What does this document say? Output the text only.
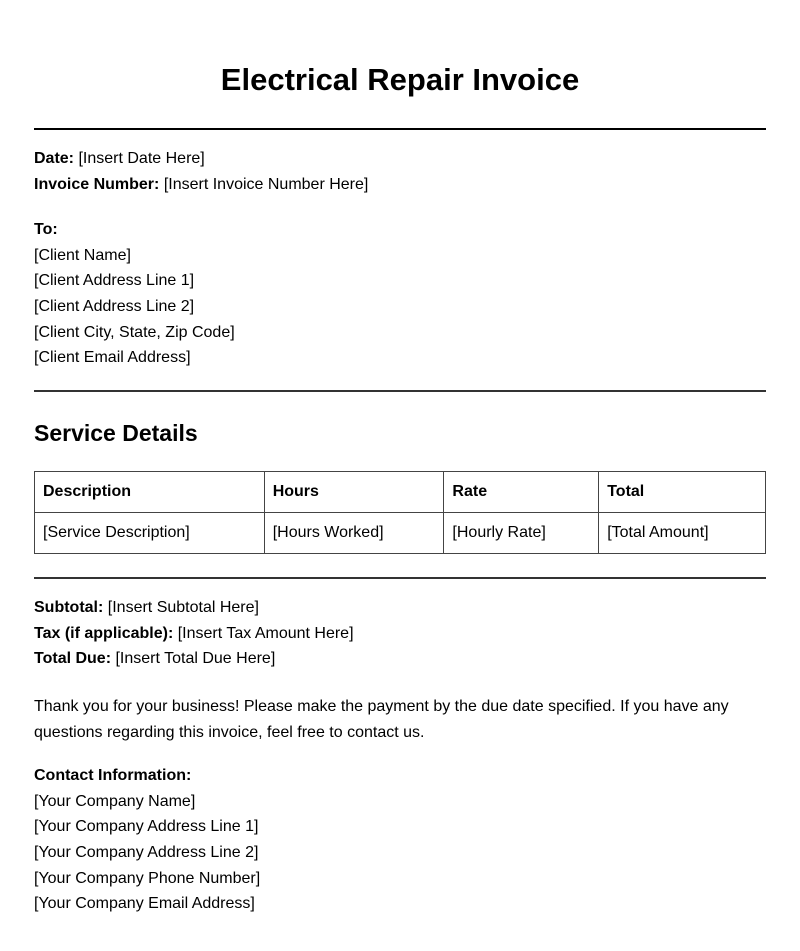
Electrical Repair Invoice
Date: [Insert Date Here]
Invoice Number: [Insert Invoice Number Here]
To:
[Client Name]
[Client Address Line 1]
[Client Address Line 2]
[Client City, State, Zip Code]
[Client Email Address]
Service Details
Description	Hours	Rate	Total
[Service Description]	[Hours Worked]	[Hourly Rate]	[Total Amount]
Subtotal: [Insert Subtotal Here]
Tax (if applicable): [Insert Tax Amount Here]
Total Due: [Insert Total Due Here]
Thank you for your business! Please make the payment by the due date specified. If you have any questions regarding this invoice, feel free to contact us.
Contact Information:
[Your Company Name]
[Your Company Address Line 1]
[Your Company Address Line 2]
[Your Company Phone Number]
[Your Company Email Address]
